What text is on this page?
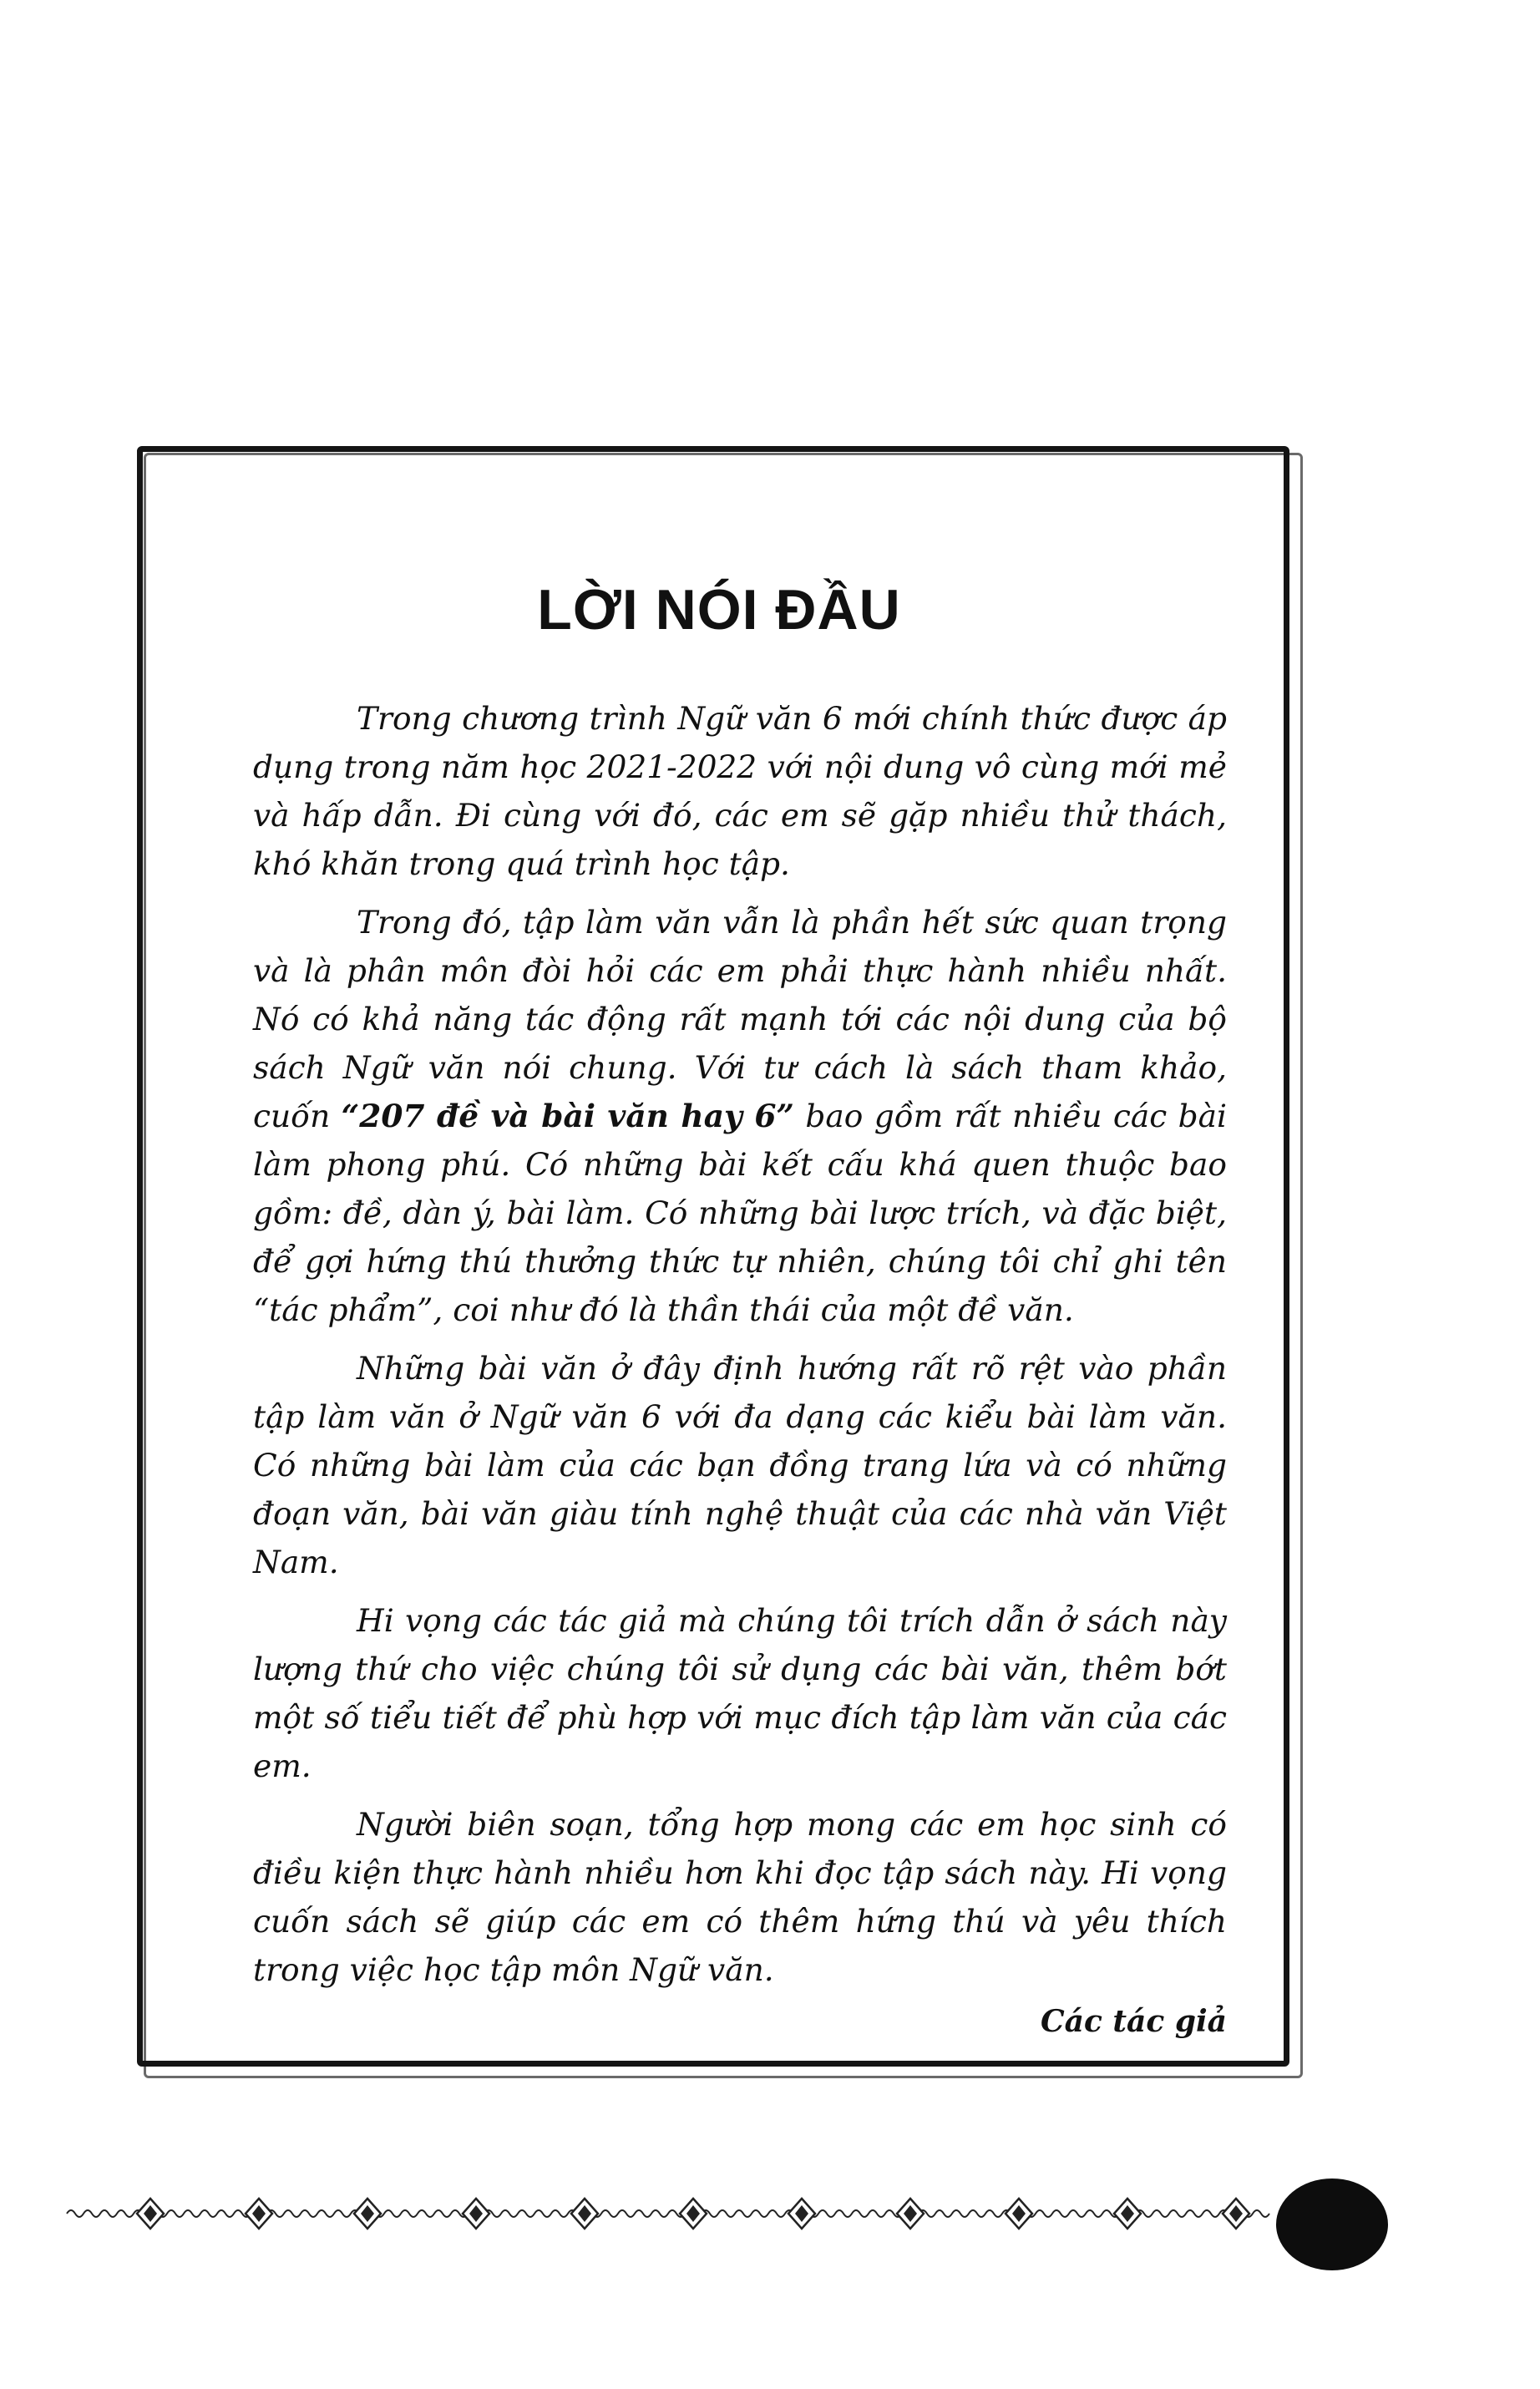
LỜI NÓI ĐẦU

Trong chương trình Ngữ văn 6 mới chính thức được áp dụng trong năm học 2021-2022 với nội dung vô cùng mới mẻ và hấp dẫn. Đi cùng với đó, các em sẽ gặp nhiều thử thách, khó khăn trong quá trình học tập.

Trong đó, tập làm văn vẫn là phần hết sức quan trọng và là phân môn đòi hỏi các em phải thực hành nhiều nhất. Nó có khả năng tác động rất mạnh tới các nội dung của bộ sách Ngữ văn nói chung. Với tư cách là sách tham khảo, cuốn “207 đề và bài văn hay 6” bao gồm rất nhiều các bài làm phong phú. Có những bài kết cấu khá quen thuộc bao gồm: đề, dàn ý, bài làm. Có những bài lược trích, và đặc biệt, để gợi hứng thú thưởng thức tự nhiên, chúng tôi chỉ ghi tên “tác phẩm”, coi như đó là thần thái của một đề văn.

Những bài văn ở đây định hướng rất rõ rệt vào phần tập làm văn ở Ngữ văn 6 với đa dạng các kiểu bài làm văn. Có những bài làm của các bạn đồng trang lứa và có những đoạn văn, bài văn giàu tính nghệ thuật của các nhà văn Việt Nam.

Hi vọng các tác giả mà chúng tôi trích dẫn ở sách này lượng thứ cho việc chúng tôi sử dụng các bài văn, thêm bớt một số tiểu tiết để phù hợp với mục đích tập làm văn của các em.

Người biên soạn, tổng hợp mong các em học sinh có điều kiện thực hành nhiều hơn khi đọc tập sách này. Hi vọng cuốn sách sẽ giúp các em có thêm hứng thú và yêu thích trong việc học tập môn Ngữ văn.

Các tác giả
